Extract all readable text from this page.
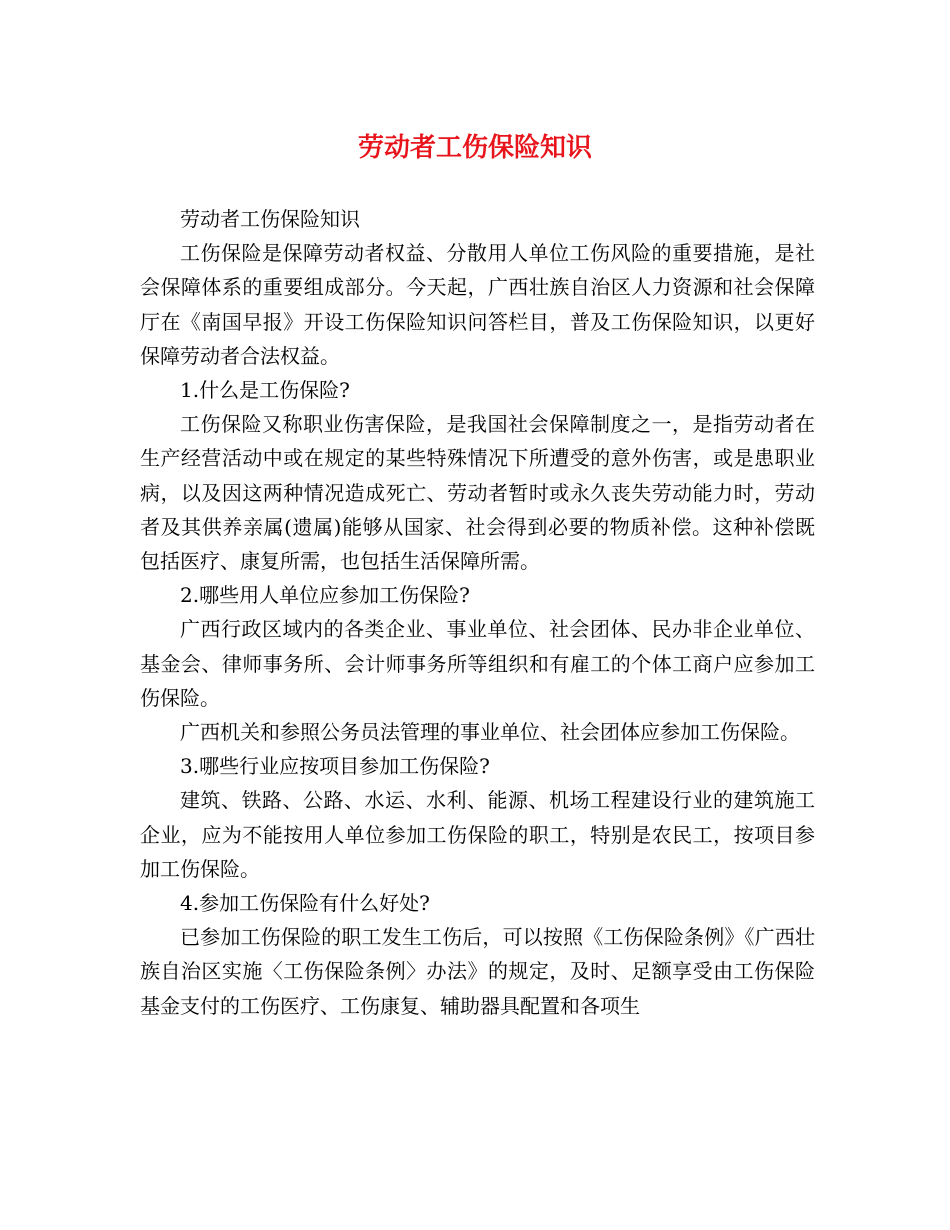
劳动者工伤保险知识

劳动者工伤保险知识

工伤保险是保障劳动者权益、分散用人单位工伤风险的重要措施，是社会保障体系的重要组成部分。今天起，广西壮族自治区人力资源和社会保障厅在《南国早报》开设工伤保险知识问答栏目，普及工伤保险知识，以更好保障劳动者合法权益。

1.什么是工伤保险?

工伤保险又称职业伤害保险，是我国社会保障制度之一，是指劳动者在生产经营活动中或在规定的某些特殊情况下所遭受的意外伤害，或是患职业病，以及因这两种情况造成死亡、劳动者暂时或永久丧失劳动能力时，劳动者及其供养亲属(遗属)能够从国家、社会得到必要的物质补偿。这种补偿既包括医疗、康复所需，也包括生活保障所需。

2.哪些用人单位应参加工伤保险?

广西行政区域内的各类企业、事业单位、社会团体、民办非企业单位、基金会、律师事务所、会计师事务所等组织和有雇工的个体工商户应参加工伤保险。

广西机关和参照公务员法管理的事业单位、社会团体应参加工伤保险。

3.哪些行业应按项目参加工伤保险?

建筑、铁路、公路、水运、水利、能源、机场工程建设行业的建筑施工企业，应为不能按用人单位参加工伤保险的职工，特别是农民工，按项目参加工伤保险。

4.参加工伤保险有什么好处?

已参加工伤保险的职工发生工伤后，可以按照《工伤保险条例》《广西壮族自治区实施〈工伤保险条例〉办法》的规定，及时、足额享受由工伤保险基金支付的工伤医疗、工伤康复、辅助器具配置和各项生
